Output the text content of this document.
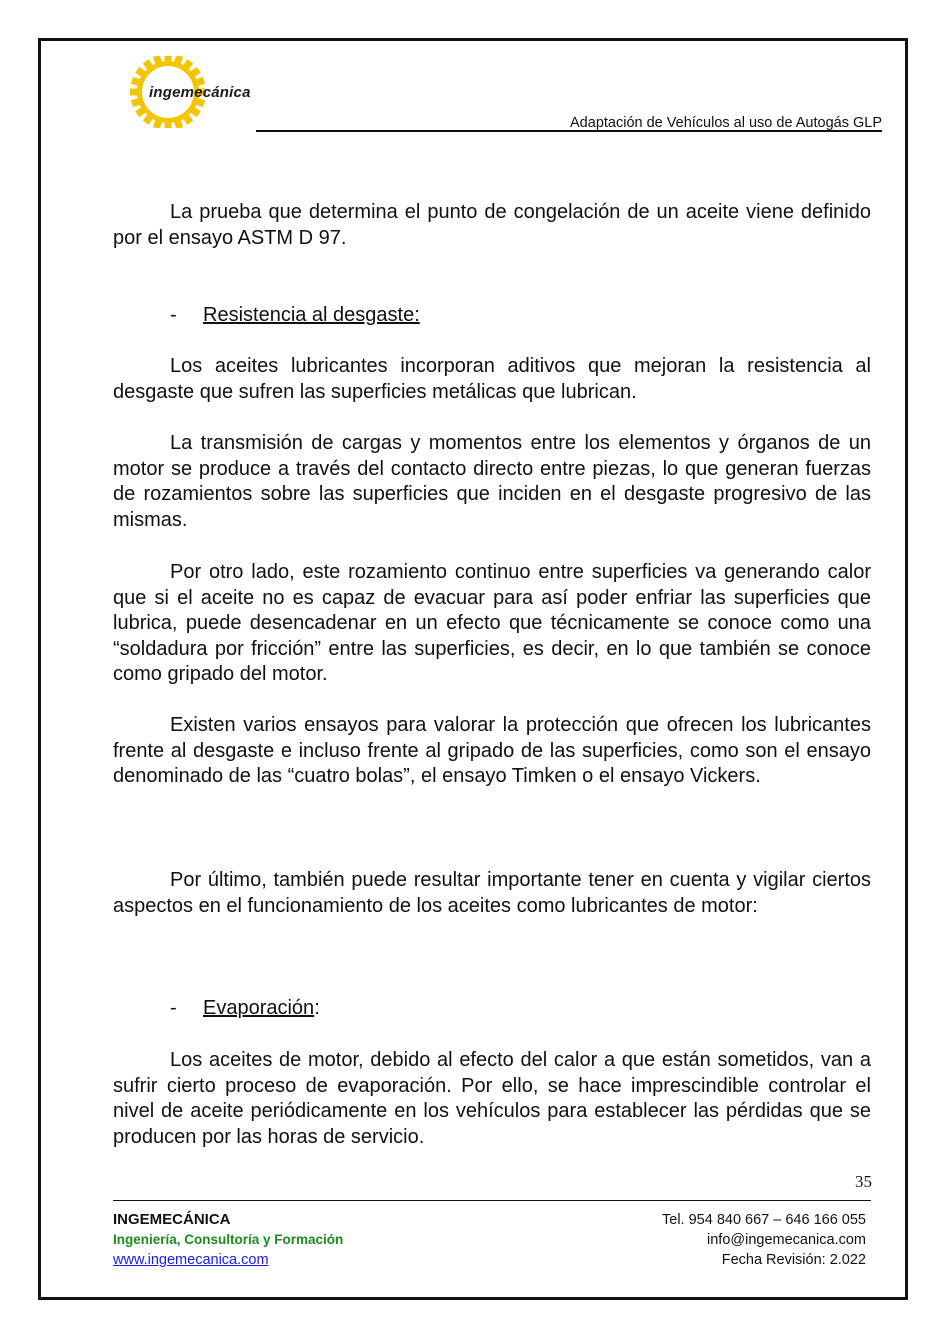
ingemecánica
Adaptación de Vehículos al uso de Autogás GLP
La prueba que determina el punto de congelación de un aceite viene definido por el ensayo ASTM D 97.
- Resistencia al desgaste:
Los aceites lubricantes incorporan aditivos que mejoran la resistencia al desgaste que sufren las superficies metálicas que lubrican.
La transmisión de cargas y momentos entre los elementos y órganos de un motor se produce a través del contacto directo entre piezas, lo que generan fuerzas de rozamientos sobre las superficies que inciden en el desgaste progresivo de las mismas.
Por otro lado, este rozamiento continuo entre superficies va generando calor que si el aceite no es capaz de evacuar para así poder enfriar las superficies que lubrica, puede desencadenar en un efecto que técnicamente se conoce como una “soldadura por fricción” entre las superficies, es decir, en lo que también se conoce como gripado del motor.
Existen varios ensayos para valorar la protección que ofrecen los lubricantes frente al desgaste e incluso frente al gripado de las superficies, como son el ensayo denominado de las “cuatro bolas”, el ensayo Timken o el ensayo Vickers.
Por último, también puede resultar importante tener en cuenta y vigilar ciertos aspectos en el funcionamiento de los aceites como lubricantes de motor:
- Evaporación:
Los aceites de motor, debido al efecto del calor a que están sometidos, van a sufrir cierto proceso de evaporación. Por ello, se hace imprescindible controlar el nivel de aceite periódicamente en los vehículos para establecer las pérdidas que se producen por las horas de servicio.
35
INGEMECÁNICA
Ingeniería, Consultoría y Formación
www.ingemecanica.com
Tel. 954 840 667 – 646 166 055
info@ingemecanica.com
Fecha Revisión: 2.022
